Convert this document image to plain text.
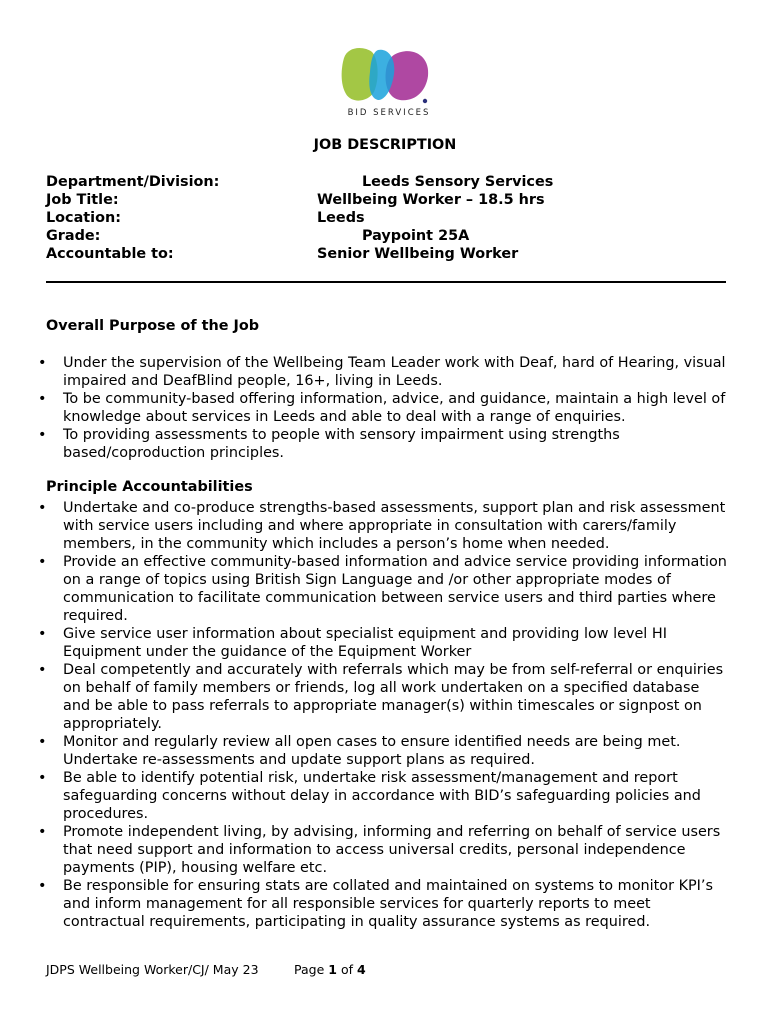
BID SERVICES
JOB DESCRIPTION
Department/Division:	Leeds Sensory Services
Job Title:	Wellbeing Worker – 18.5 hrs
Location:	Leeds
Grade:	Paypoint 25A
Accountable to:	Senior Wellbeing Worker
Overall Purpose of the Job
• Under the supervision of the Wellbeing Team Leader work with Deaf, hard of Hearing, visual impaired and DeafBlind people, 16+, living in Leeds.
• To be community-based offering information, advice, and guidance, maintain a high level of knowledge about services in Leeds and able to deal with a range of enquiries.
• To providing assessments to people with sensory impairment using strengths based/coproduction principles.
Principle Accountabilities
• Undertake and co-produce strengths-based assessments, support plan and risk assessment with service users including and where appropriate in consultation with carers/family members, in the community which includes a person’s home when needed.
• Provide an effective community-based information and advice service providing information on a range of topics using British Sign Language and /or other appropriate modes of communication to facilitate communication between service users and third parties where required.
• Give service user information about specialist equipment and providing low level HI Equipment under the guidance of the Equipment Worker
• Deal competently and accurately with referrals which may be from self-referral or enquiries on behalf of family members or friends, log all work undertaken on a specified database and be able to pass referrals to appropriate manager(s) within timescales or signpost on appropriately.
• Monitor and regularly review all open cases to ensure identified needs are being met. Undertake re-assessments and update support plans as required.
• Be able to identify potential risk, undertake risk assessment/management and report safeguarding concerns without delay in accordance with BID’s safeguarding policies and procedures.
• Promote independent living, by advising, informing and referring on behalf of service users that need support and information to access universal credits, personal independence payments (PIP), housing welfare etc.
• Be responsible for ensuring stats are collated and maintained on systems to monitor KPI’s and inform management for all responsible services for quarterly reports to meet contractual requirements, participating in quality assurance systems as required.
JDPS Wellbeing Worker/CJ/ May 23	Page 1 of 4
